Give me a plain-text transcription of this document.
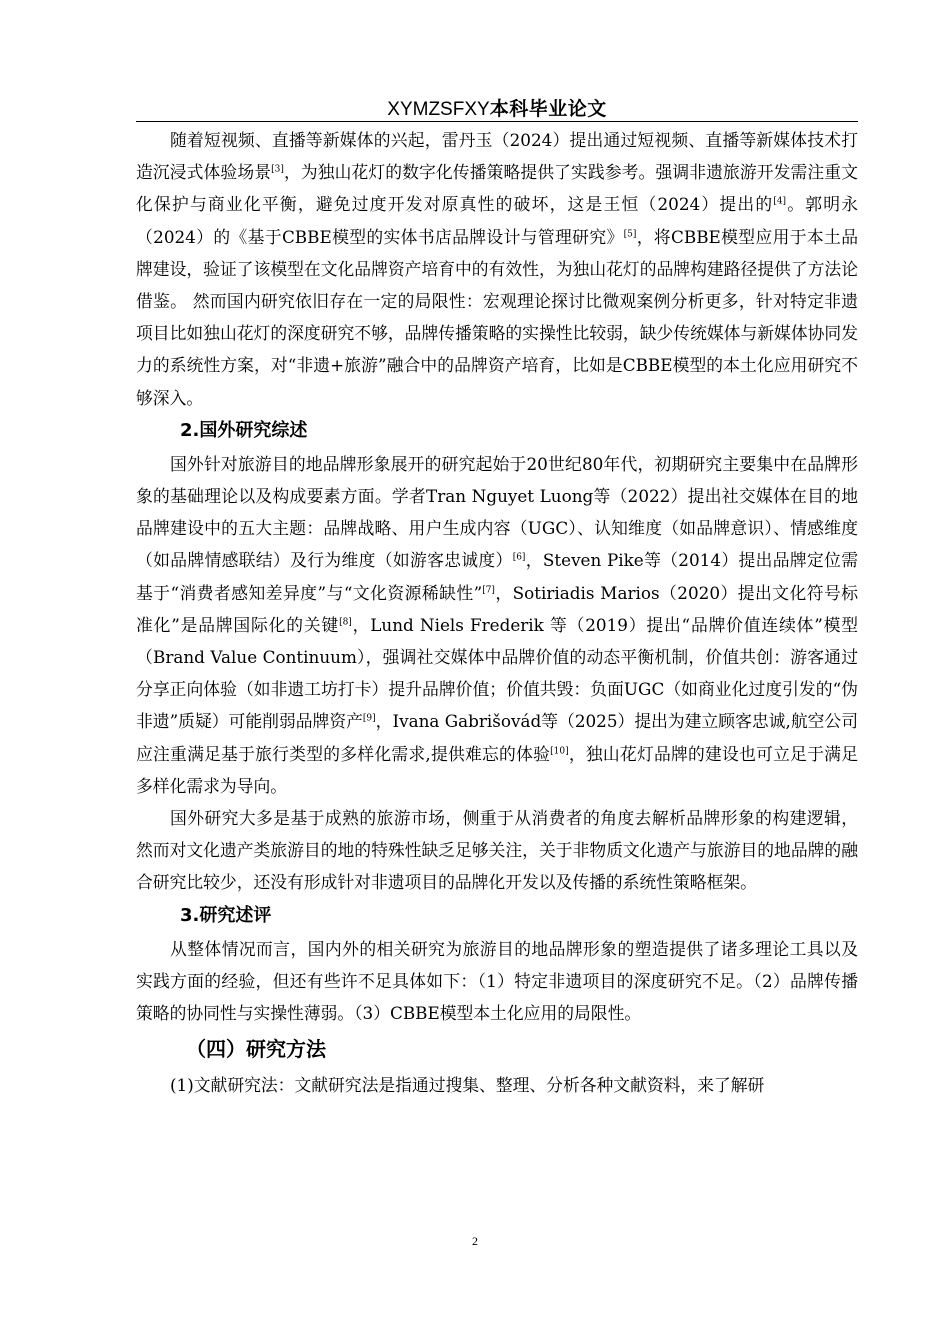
XYMZSFXY本科毕业论文

随着短视频、直播等新媒体的兴起，雷丹玉（2024）提出通过短视频、直播等新媒体技术打造沉浸式体验场景[3]，为独山花灯的数字化传播策略提供了实践参考。强调非遗旅游开发需注重文化保护与商业化平衡，避免过度开发对原真性的破坏，这是王恒（2024）提出的[4]。郭明永（2024）的《基于CBBE模型的实体书店品牌设计与管理研究》[5]，将CBBE模型应用于本土品牌建设，验证了该模型在文化品牌资产培育中的有效性，为独山花灯的品牌构建路径提供了方法论借鉴。 然而国内研究依旧存在一定的局限性：宏观理论探讨比微观案例分析更多，针对特定非遗项目比如独山花灯的深度研究不够，品牌传播策略的实操性比较弱，缺少传统媒体与新媒体协同发力的系统性方案，对“非遗+旅游”融合中的品牌资产培育，比如是CBBE模型的本土化应用研究不够深入。

2.国外研究综述

国外针对旅游目的地品牌形象展开的研究起始于20世纪80年代，初期研究主要集中在品牌形象的基础理论以及构成要素方面。学者Tran Nguyet Luong等（2022）提出社交媒体在目的地品牌建设中的五大主题：品牌战略、用户生成内容（UGC）、认知维度（如品牌意识）、情感维度（如品牌情感联结）及行为维度（如游客忠诚度）[6]，Steven Pike等（2014）提出品牌定位需基于“消费者感知差异度”与“文化资源稀缺性”[7]，Sotiriadis Marios（2020）提出文化符号标准化”是品牌国际化的关键[8]，Lund Niels Frederik 等（2019）提出“品牌价值连续体”模型（Brand Value Continuum），强调社交媒体中品牌价值的动态平衡机制，价值共创：游客通过分享正向体验（如非遗工坊打卡）提升品牌价值；价值共毁：负面UGC（如商业化过度引发的“伪非遗”质疑）可能削弱品牌资产[9]，Ivana Gabrišovád等（2025）提出为建立顾客忠诚,航空公司应注重满足基于旅行类型的多样化需求,提供难忘的体验[10]，独山花灯品牌的建设也可立足于满足多样化需求为导向。

国外研究大多是基于成熟的旅游市场，侧重于从消费者的角度去解析品牌形象的构建逻辑，然而对文化遗产类旅游目的地的特殊性缺乏足够关注，关于非物质文化遗产与旅游目的地品牌的融合研究比较少，还没有形成针对非遗项目的品牌化开发以及传播的系统性策略框架。

3.研究述评

从整体情况而言，国内外的相关研究为旅游目的地品牌形象的塑造提供了诸多理论工具以及实践方面的经验，但还有些许不足具体如下：（1）特定非遗项目的深度研究不足。（2）品牌传播策略的协同性与实操性薄弱。（3）CBBE模型本土化应用的局限性。

（四）研究方法

(1)文献研究法：文献研究法是指通过搜集、整理、分析各种文献资料，来了解研

2
